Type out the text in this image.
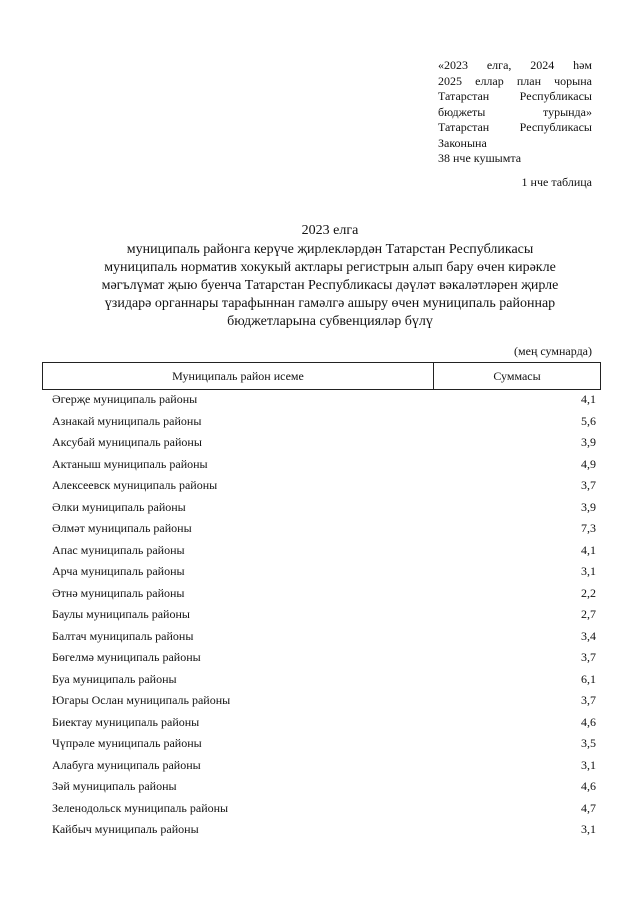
«2023 елга, 2024 һәм
2025 еллар план чорына
Татарстан Республикасы
бюджеты турында»
Татарстан Республикасы
Законына
38 нче кушымта
1 нче таблица
2023 елга
муниципаль районга керүче җирлекләрдән Татарстан Республикасы
муниципаль норматив хокукый актлары регистрын алып бару өчен кирәкле
мәгълүмат җыю буенча Татарстан Республикасы дәүләт вәкаләтләрен җирле
үзидарә органнары тарафыннан гамәлгә ашыру өчен муниципаль районнар
бюджетларына субвенцияләр бүлү
(мең сумнарда)
Муниципаль район исеме	Суммасы
Әгерҗе муниципаль районы	4,1
Азнакай муниципаль районы	5,6
Аксубай муниципаль районы	3,9
Актаныш муниципаль районы	4,9
Алексеевск муниципаль районы	3,7
Әлки муниципаль районы	3,9
Әлмәт муниципаль районы	7,3
Апас муниципаль районы	4,1
Арча муниципаль районы	3,1
Әтнә муниципаль районы	2,2
Баулы муниципаль районы	2,7
Балтач муниципаль районы	3,4
Бөгелмә муниципаль районы	3,7
Буа муниципаль районы	6,1
Югары Ослан муниципаль районы	3,7
Биектау муниципаль районы	4,6
Чүпрәле муниципаль районы	3,5
Алабуга муниципаль районы	3,1
Зәй муниципаль районы	4,6
Зеленодольск муниципаль районы	4,7
Кайбыч муниципаль районы	3,1
